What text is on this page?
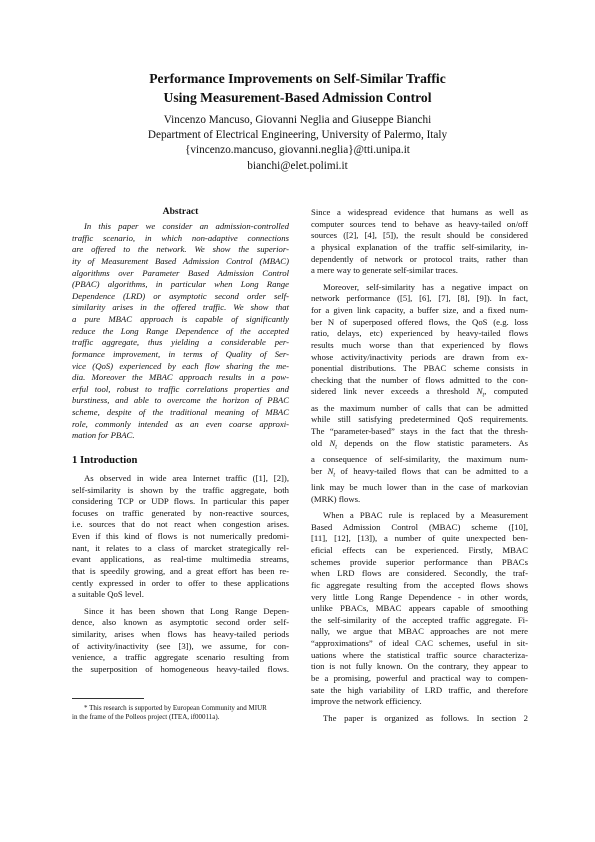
Performance Improvements on Self-Similar Traffic
Using Measurement-Based Admission Control
Vincenzo Mancuso, Giovanni Neglia and Giuseppe Bianchi
Department of Electrical Engineering, University of Palermo, Italy
{vincenzo.mancuso, giovanni.neglia}@tti.unipa.it
bianchi@elet.polimi.it
Abstract
In this paper we consider an admission-controlled
traffic scenario, in which non-adaptive connections
are offered to the network. We show the superior-
ity of Measurement Based Admission Control (MBAC)
algorithms over Parameter Based Admission Control
(PBAC) algorithms, in particular when Long Range
Dependence (LRD) or asymptotic second order self-
similarity arises in the offered traffic. We show that
a pure MBAC approach is capable of significantly
reduce the Long Range Dependence of the accepted
traffic aggregate, thus yielding a considerable per-
formance improvement, in terms of Quality of Ser-
vice (QoS) experienced by each flow sharing the me-
dia. Moreover the MBAC approach results in a pow-
erful tool, robust to traffic correlations properties and
burstiness, and able to overcome the horizon of PBAC
scheme, despite of the traditional meaning of MBAC
role, commonly intended as an even coarse approxi-
mation for PBAC.
1 Introduction
As observed in wide area Internet traffic ([1], [2]),
self-similarity is shown by the traffic aggregate, both
considering TCP or UDP flows. In particular this paper
focuses on traffic generated by non-reactive sources,
i.e. sources that do not react when congestion arises.
Even if this kind of flows is not numerically predomi-
nant, it relates to a class of marcket strategically rel-
evant applications, as real-time multimedia streams,
that is speedily growing, and a great effort has been re-
cently expressed in order to offer to these applications
a suitable QoS level.
Since it has been shown that Long Range Depen-
dence, also known as asymptotic second order self-
similarity, arises when flows has heavy-tailed periods
of activity/inactivity (see [3]), we assume, for con-
venience, a traffic aggregate scenario resulting from
the superposition of homogeneous heavy-tailed flows.
* This research is supported by European Community and MIUR
in the frame of the Polleos project (ITEA, if00011a).
Since a widespread evidence that humans as well as
computer sources tend to behave as heavy-tailed on/off
sources ([2], [4], [5]), the result should be considered
a physical explanation of the traffic self-similarity, in-
dependently of network or protocol traits, rather than
a mere way to generate self-similar traces.
Moreover, self-similarity has a negative impact on
network performance ([5], [6], [7], [8], [9]). In fact,
for a given link capacity, a buffer size, and a fixed num-
ber N of superposed offered flows, the QoS (e.g. loss
ratio, delays, etc) experienced by heavy-tailed flows
results much worse than that experienced by flows
whose activity/inactivity periods are drawn from ex-
ponential distributions. The PBAC scheme consists in
checking that the number of flows admitted to the con-
sidered link never exceeds a threshold $N_t$, computed
as the maximum number of calls that can be admitted
while still satisfying predetermined QoS requirements.
The “parameter-based” stays in the fact that the thresh-
old $N_t$ depends on the flow statistic parameters. As
a consequence of self-similarity, the maximum num-
ber $N_t$ of heavy-tailed flows that can be admitted to a
link may be much lower than in the case of markovian
(MRK) flows.
When a PBAC rule is replaced by a Measurement
Based Admission Control (MBAC) scheme ([10],
[11], [12], [13]), a number of quite unexpected ben-
eficial effects can be experienced. Firstly, MBAC
schemes provide superior performance than PBACs
when LRD flows are considered. Secondly, the traf-
fic aggregate resulting from the accepted flows shows
very little Long Range Dependence - in other words,
unlike PBACs, MBAC appears capable of smoothing
the self-similarity of the accepted traffic aggregate. Fi-
nally, we argue that MBAC approaches are not mere
“approximations” of ideal CAC schemes, useful in sit-
uations where the statistical traffic source characteriza-
tion is not fully known. On the contrary, they appear to
be a promising, powerful and practical way to compen-
sate the high variability of LRD traffic, and therefore
improve the network efficiency.
The paper is organized as follows. In section 2
